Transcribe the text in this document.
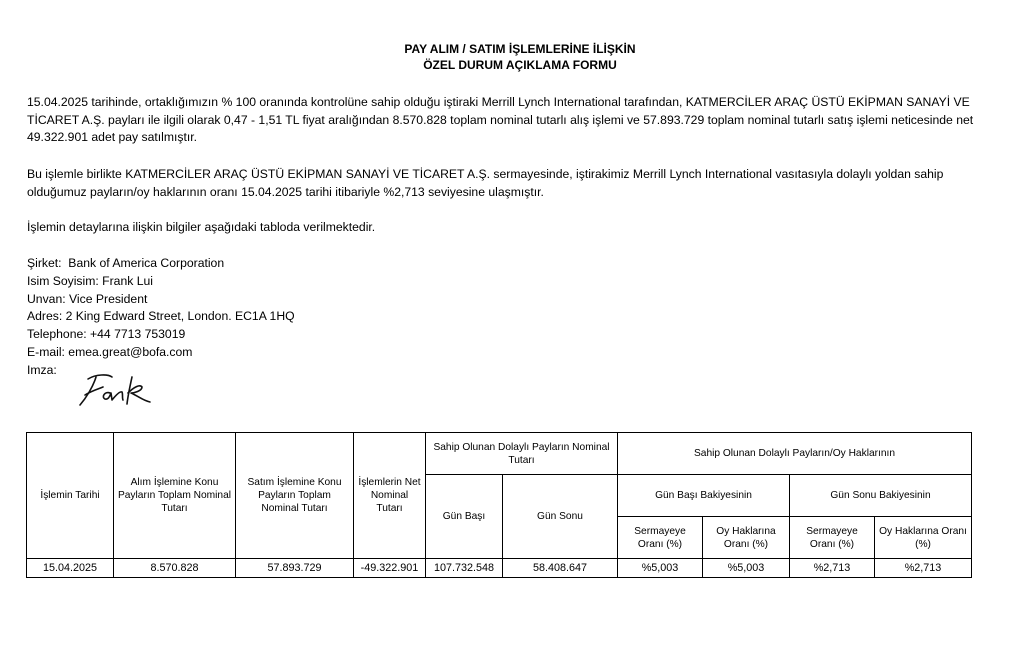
PAY ALIM / SATIM İŞLEMLERİNE İLİŞKİN
ÖZEL DURUM AÇIKLAMA FORMU
15.04.2025 tarihinde, ortaklığımızın % 100 oranında kontrolüne sahip olduğu iştiraki Merrill Lynch International tarafından, KATMERCİLER ARAÇ ÜSTÜ EKİPMAN SANAYİ VE TİCARET A.Ş. payları ile ilgili olarak 0,47 - 1,51 TL fiyat aralığından 8.570.828 toplam nominal tutarlı alış işlemi ve 57.893.729 toplam nominal tutarlı satış işlemi neticesinde net 49.322.901 adet pay satılmıştır.
Bu işlemle birlikte KATMERCİLER ARAÇ ÜSTÜ EKİPMAN SANAYİ VE TİCARET A.Ş. sermayesinde, iştirakimiz Merrill Lynch International vasıtasıyla dolaylı yoldan sahip olduğumuz payların/oy haklarının oranı 15.04.2025 tarihi itibariyle %2,713 seviyesine ulaşmıştır.
İşlemin detaylarına ilişkin bilgiler aşağıdaki tabloda verilmektedir.
Şirket:  Bank of America Corporation
Isim Soyisim: Frank Lui
Unvan: Vice President
Adres: 2 King Edward Street, London. EC1A 1HQ
Telephone: +44 7713 753019
E-mail: emea.great@bofa.com
Imza:
İşlemin Tarihi	Alım İşlemine Konu Payların Toplam Nominal Tutarı	Satım İşlemine Konu Payların Toplam Nominal Tutarı	İşlemlerin Net Nominal Tutarı	Sahip Olunan Dolaylı Payların Nominal Tutarı		Sahip Olunan Dolaylı Payların/Oy Haklarının			
				Gün Başı	Gün Sonu	Gün Başı Bakiyesinin		Gün Sonu Bakiyesinin	
						Sermayeye Oranı (%)	Oy Haklarına Oranı (%)	Sermayeye Oranı (%)	Oy Haklarına Oranı (%)
15.04.2025	8.570.828	57.893.729	-49.322.901	107.732.548	58.408.647	%5,003	%5,003	%2,713	%2,713
